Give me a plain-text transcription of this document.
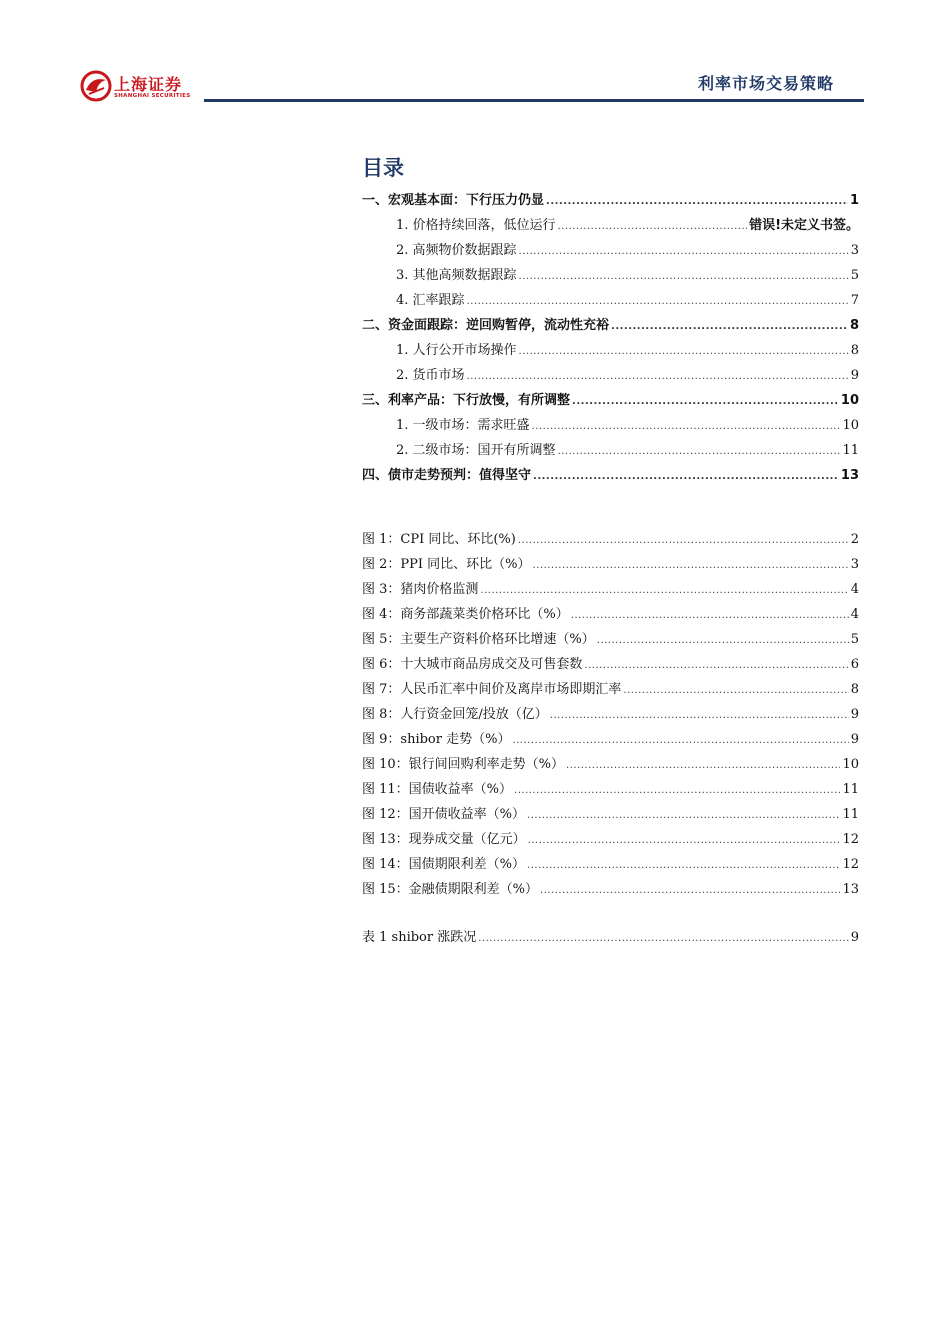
上海证券
SHANGHAI SECURITIES
利率市场交易策略
目录
一、宏观基本面：下行压力仍显 .....	1
1. 价格持续回落，低位运行 .....	错误!未定义书签。
2. 高频物价数据跟踪 .....	3
3. 其他高频数据跟踪 .....	5
4. 汇率跟踪 .....	7
二、资金面跟踪：逆回购暂停，流动性充裕 .....	8
1. 人行公开市场操作 .....	8
2. 货币市场 .....	9
三、利率产品：下行放慢，有所调整 .....	10
1. 一级市场：需求旺盛 .....	10
2. 二级市场：国开有所调整 .....	11
四、债市走势预判：值得坚守 .....	13
图 1：CPI 同比、环比(%) .....	2
图 2：PPI 同比、环比（%） .....	3
图 3：猪肉价格监测 .....	4
图 4：商务部蔬菜类价格环比（%） .....	4
图 5：主要生产资料价格环比增速（%） .....	5
图 6：十大城市商品房成交及可售套数 .....	6
图 7：人民币汇率中间价及离岸市场即期汇率 .....	8
图 8：人行资金回笼/投放（亿） .....	9
图 9：shibor 走势（%） .....	9
图 10：银行间回购利率走势（%） .....	10
图 11：国债收益率（%） .....	11
图 12：国开债收益率（%） .....	11
图 13：现券成交量（亿元） .....	12
图 14：国债期限利差（%） .....	12
图 15：金融债期限利差（%） .....	13
表 1 shibor 涨跌况 .....	9
